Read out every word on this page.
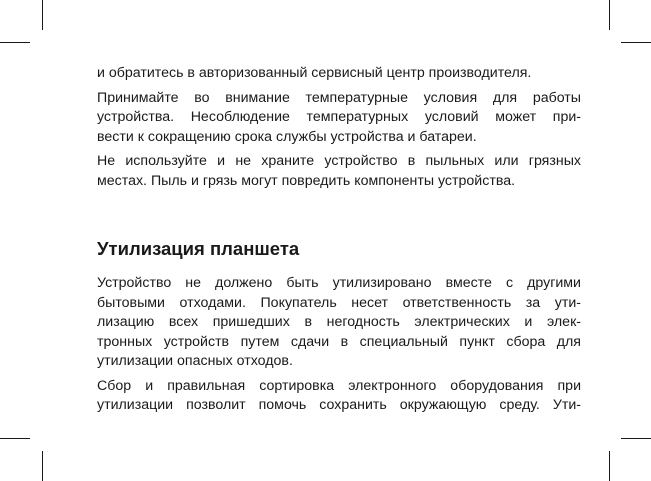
и обратитесь в авторизованный сервисный центр производителя.

Принимайте во внимание температурные условия для работы
устройства. Несоблюдение температурных условий может при-
вести к сокращению срока службы устройства и батареи.

Не используйте и не храните устройство в пыльных или грязных
местах. Пыль и грязь могут повредить компоненты устройства.

Утилизация планшета

Устройство не должено быть утилизировано вместе с другими
бытовыми отходами. Покупатель несет ответственность за ути-
лизацию всех пришедших в негодность электрических и элек-
тронных устройств путем сдачи в специальный пункт сбора для
утилизации опасных отходов.

Сбор и правильная сортировка электронного оборудования при
утилизации позволит помочь сохранить окружающую среду. Ути-
